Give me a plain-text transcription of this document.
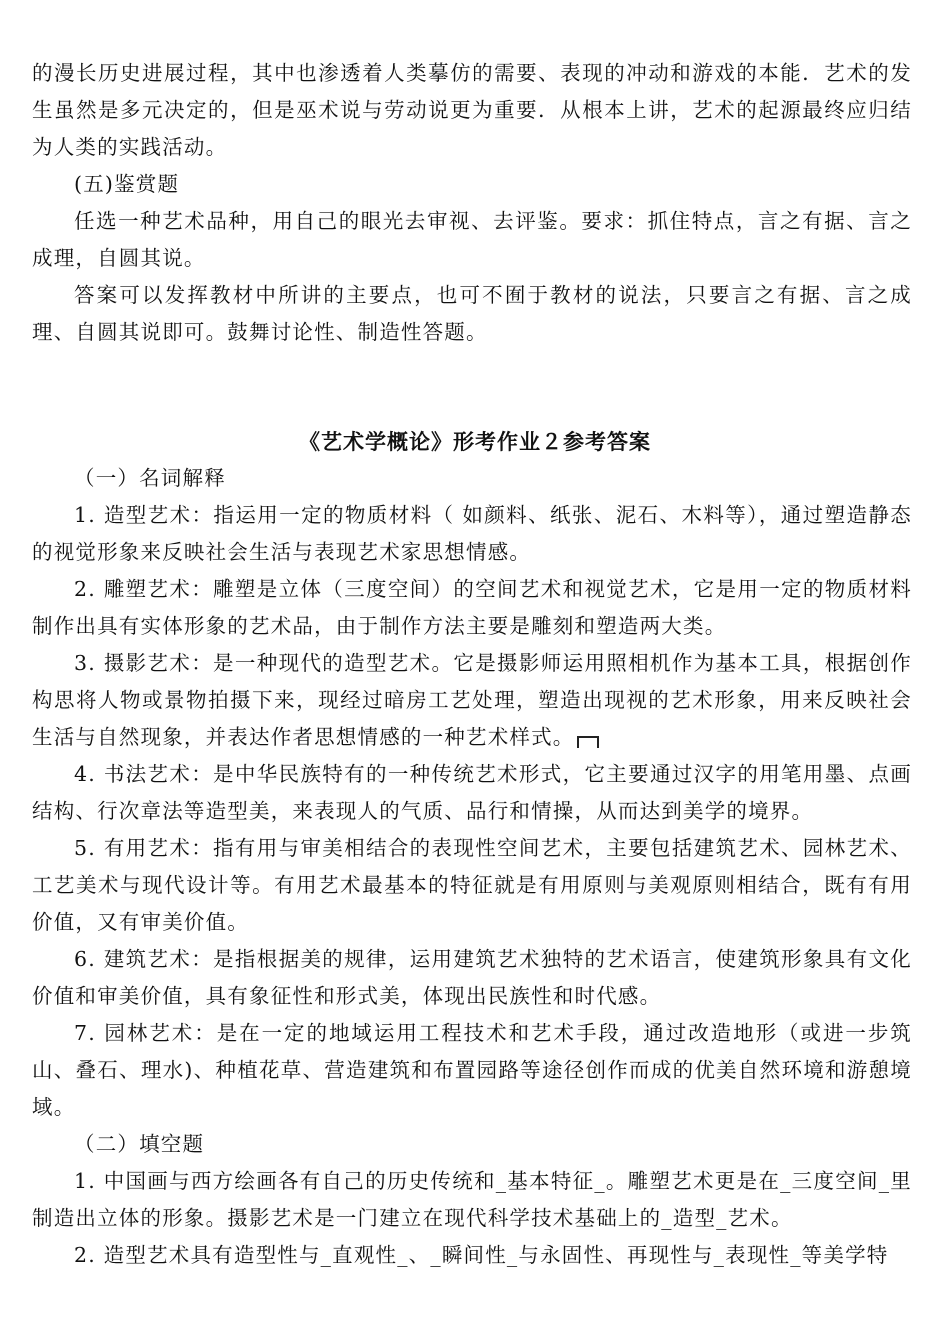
的漫长历史进展过程，其中也渗透着人类摹仿的需要、表现的冲动和游戏的本能．艺术的发生虽然是多元决定的，但是巫术说与劳动说更为重要．从根本上讲，艺术的起源最终应归结为人类的实践活动。

(五)鉴赏题

任选一种艺术品种，用自己的眼光去审视、去评鉴。要求：抓住特点，言之有据、言之成理，自圆其说。

答案可以发挥教材中所讲的主要点，也可不囿于教材的说法，只要言之有据、言之成理、自圆其说即可。鼓舞讨论性、制造性答题。

《艺术学概论》形考作业２参考答案

（一）名词解释

1. 造型艺术：指运用一定的物质材料（ 如颜料、纸张、泥石、木料等），通过塑造静态的视觉形象来反映社会生活与表现艺术家思想情感。

2. 雕塑艺术：雕塑是立体（三度空间）的空间艺术和视觉艺术，它是用一定的物质材料制作出具有实体形象的艺术品，由于制作方法主要是雕刻和塑造两大类。

3. 摄影艺术：是一种现代的造型艺术。它是摄影师运用照相机作为基本工具，根据创作构思将人物或景物拍摄下来，现经过暗房工艺处理，塑造出现视的艺术形象，用来反映社会生活与自然现象，并表达作者思想情感的一种艺术样式。

4. 书法艺术：是中华民族特有的一种传统艺术形式，它主要通过汉字的用笔用墨、点画结构、行次章法等造型美，来表现人的气质、品行和情操，从而达到美学的境界。

5. 有用艺术：指有用与审美相结合的表现性空间艺术，主要包括建筑艺术、园林艺术、工艺美术与现代设计等。有用艺术最基本的特征就是有用原则与美观原则相结合，既有有用价值，又有审美价值。

6. 建筑艺术：是指根据美的规律，运用建筑艺术独特的艺术语言，使建筑形象具有文化价值和审美价值，具有象征性和形式美，体现出民族性和时代感。

7. 园林艺术：是在一定的地域运用工程技术和艺术手段，通过改造地形（或进一步筑山、叠石、理水)、种植花草、营造建筑和布置园路等途径创作而成的优美自然环境和游憩境域。

（二）填空题

1. 中国画与西方绘画各有自己的历史传统和_基本特征_。雕塑艺术更是在_三度空间_里制造出立体的形象。摄影艺术是一门建立在现代科学技术基础上的_造型_艺术。

2. 造型艺术具有造型性与_直观性_、_瞬间性_与永固性、再现性与_表现性_等美学特
